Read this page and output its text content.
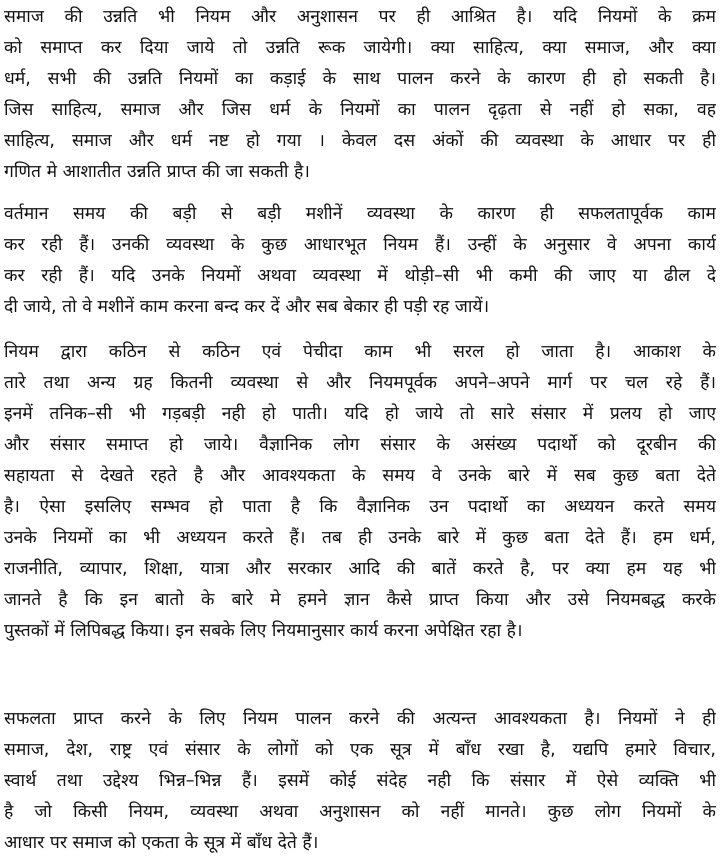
समाज की उन्नति भी नियम और अनुशासन पर ही आश्रित है। यदि नियमों के क्रम
को समाप्त कर दिया जाये तो उन्नति रूक जायेगी। क्या साहित्य, क्या समाज, और क्या
धर्म, सभी की उन्नति नियमों का कड़ाई के साथ पालन करने के कारण ही हो सकती है।
जिस साहित्य, समाज और जिस धर्म के नियमों का पालन दृढ़ता से नहीं हो सका, वह
साहित्य, समाज और धर्म नष्ट हो गया । केवल दस अंकों की व्यवस्था के आधार पर ही
गणित मे आशातीत उन्नति प्राप्त की जा सकती है।
वर्तमान समय की बड़ी से बड़ी मशीनें व्यवस्था के कारण ही सफलतापूर्वक काम
कर रही हैं। उनकी व्यवस्था के कुछ आधारभूत नियम हैं। उन्हीं के अनुसार वे अपना कार्य
कर रही हैं। यदि उनके नियमों अथवा व्यवस्था में थोड़ी–सी भी कमी की जाए या ढील दे
दी जाये, तो वे मशीनें काम करना बन्द कर दें और सब बेकार ही पड़ी रह जायें।
नियम द्वारा कठिन से कठिन एवं पेचीदा काम भी सरल हो जाता है। आकाश के
तारे तथा अन्य ग्रह कितनी व्यवस्था से और नियमपूर्वक अपने–अपने मार्ग पर चल रहे हैं।
इनमें तनिक–सी भी गड़बड़ी नही हो पाती। यदि हो जाये तो सारे संसार में प्रलय हो जाए
और संसार समाप्त हो जाये। वैज्ञानिक लोग संसार के असंख्य पदार्थो को दूरबीन की
सहायता से देखते रहते है और आवश्यकता के समय वे उनके बारे में सब कुछ बता देते
है। ऐसा इसलिए सम्भव हो पाता है कि वैज्ञानिक उन पदार्थो का अध्ययन करते समय
उनके नियमों का भी अध्ययन करते हैं। तब ही उनके बारे में कुछ बता देते हैं। हम धर्म,
राजनीति, व्यापार, शिक्षा, यात्रा और सरकार आदि की बातें करते है, पर क्या हम यह भी
जानते है कि इन बातो के बारे मे हमने ज्ञान कैसे प्राप्त किया और उसे नियमबद्ध करके
पुस्तकों में लिपिबद्ध किया। इन सबके लिए नियमानुसार कार्य करना अपेक्षित रहा है।
सफलता प्राप्त करने के लिए नियम पालन करने की अत्यन्त आवश्यकता है। नियमों ने ही
समाज, देश, राष्ट्र एवं संसार के लोगों को एक सूत्र में बाँध रखा है, यद्यपि हमारे विचार,
स्वार्थ तथा उद्देश्य भिन्न–भिन्न हैं। इसमें कोई संदेह नही कि संसार में ऐसे व्यक्ति भी
है जो किसी नियम, व्यवस्था अथवा अनुशासन को नहीं मानते। कुछ लोग नियमों के
आधार पर समाज को एकता के सूत्र में बाँध देते हैं।
